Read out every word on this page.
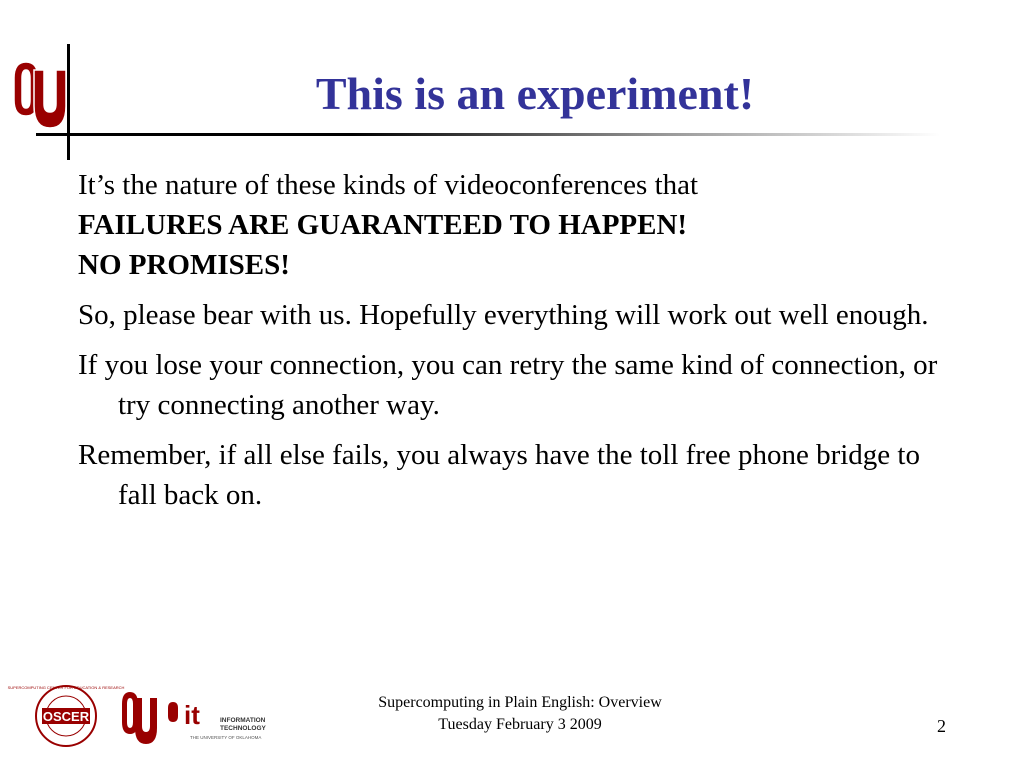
This is an experiment!

It’s the nature of these kinds of videoconferences that
FAILURES ARE GUARANTEED TO HAPPEN!
NO PROMISES!

So, please bear with us. Hopefully everything will work out well enough.

If you lose your connection, you can retry the same kind of connection, or try connecting another way.

Remember, if all else fails, you always have the toll free phone bridge to fall back on.

SUPERCOMPUTING CENTER FOR EDUCATION & RESEARCH
OSCER	it	INFORMATION
TECHNOLOGY
THE UNIVERSITY OF OKLAHOMA
Supercomputing in Plain English: Overview
Tuesday February 3 2009	2
